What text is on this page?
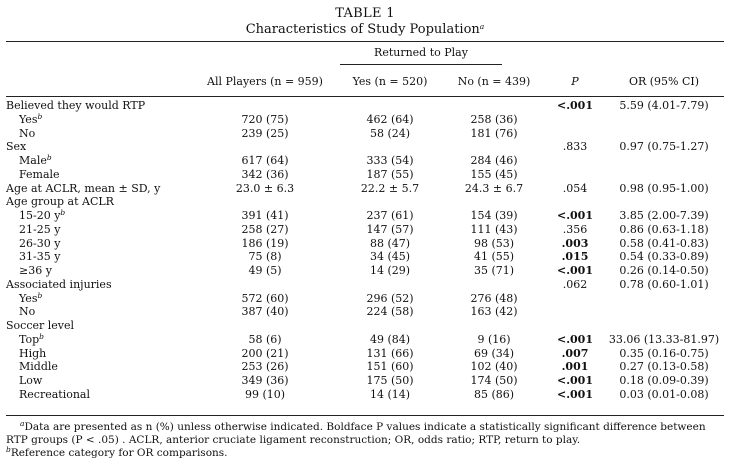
TABLE 1
Characteristics of Study Population$^a$
Returned to Play
All Players (n = 959)	Yes (n = 520)	No (n = 439)	P	OR (95% CI)
Believed they would RTP				<.001	5.59 (4.01-7.79)
Yes$^b$	720 (75)	462 (64)	258 (36)		
No	239 (25)	58 (24)	181 (76)		
Sex				.833	0.97 (0.75-1.27)
Male$^b$	617 (64)	333 (54)	284 (46)		
Female	342 (36)	187 (55)	155 (45)		
Age at ACLR, mean ± SD, y	23.0 ± 6.3	22.2 ± 5.7	24.3 ± 6.7	.054	0.98 (0.95-1.00)
Age group at ACLR					
15-20 $y^b$	391 (41)	237 (61)	154 (39)	<.001	3.85 (2.00-7.39)
21-25 y	258 (27)	147 (57)	111 (43)	.356	0.86 (0.63-1.18)
26-30 y	186 (19)	88 (47)	98 (53)	.003	0.58 (0.41-0.83)
31-35 y	75 (8)	34 (45)	41 (55)	.015	0.54 (0.33-0.89)
≥36 y	49 (5)	14 (29)	35 (71)	<.001	0.26 (0.14-0.50)
Associated injuries				.062	0.78 (0.60-1.01)
Yes$^b$	572 (60)	296 (52)	276 (48)		
No	387 (40)	224 (58)	163 (42)		
Soccer level					
Top$^b$	58 (6)	49 (84)	9 (16)	<.001	33.06 (13.33-81.97)
High	200 (21)	131 (66)	69 (34)	.007	0.35 (0.16-0.75)
Middle	253 (26)	151 (60)	102 (40)	.001	0.27 (0.13-0.58)
Low	349 (36)	175 (50)	174 (50)	<.001	0.18 (0.09-0.39)
Recreational	99 (10)	14 (14)	85 (86)	<.001	0.03 (0.01-0.08)

$^a$Data are presented as n (%) unless otherwise indicated. Boldface P values indicate a statistically significant difference between RTP groups (P < .05) . ACLR, anterior cruciate ligament reconstruction; OR, odds ratio; RTP, return to play.

$^b$Reference category for OR comparisons.
